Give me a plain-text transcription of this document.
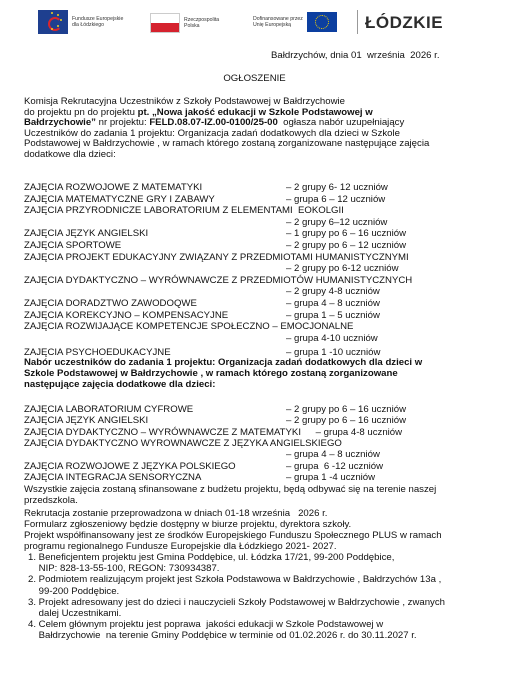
Fundusze Europejskie
dla Łódzkiego
Rzeczpospolita
Polska
Dofinansowane przez
Unię Europejską	ŁÓDZKIE
Bałdrzychów, dnia 01  września  2026 r.
OGŁOSZENIE
Komisja Rekrutacyjna Uczestników z Szkoły Podstawowej w Bałdrzychowie
do projektu pn do projektu pt. „Nowa jakość edukacji w Szkole Podstawowej w
Bałdrzychowie” nr projektu: FELD.08.07-IZ.00-0100/25-00  ogłasza nabór uzupełniający
Uczestników do zadania 1 projektu: Organizacja zadań dodatkowych dla dzieci w Szkole
Podstawowej w Bałdrzychowie , w ramach którego zostaną zorganizowane następujące zajęcia
dodatkowe dla dzieci:
ZAJĘCIA ROZWOJOWE Z MATEMATYKI	– 2 grupy 6- 12 uczniów
ZAJĘCIA MATEMATYCZNE GRY I ZABAWY	– grupa 6 – 12 uczniów
ZAJĘCIA PRZYRODNICZE LABORATORIUM Z ELEMENTAMI  EOKOLGII
– 2 grupy 6–12 uczniów
ZAJĘCIA JĘZYK ANGIELSKI	– 1 grupy po 6 – 16 uczniów
ZAJĘCIA SPORTOWE	– 2 grupy po 6 – 12 uczniów
ZAJĘCIA PROJEKT EDUKACYJNY ZWIĄZANY Z PRZEDMIOTAMI HUMANISTYCZNYMI
– 2 grupy po 6-12 uczniów
ZAJĘCIA DYDAKTYCZNO – WYRÓWNAWCZE Z PRZEDMIOTÓW HUMANISTYCZNYCH
– 2 grupy 4-8 uczniów
ZAJĘCIA DORADZTWO ZAWODOQWE	– grupa 4 – 8 uczniów
ZAJĘCIA KOREKCYJNO – KOMPENSACYJNE	– grupa 1 – 5 uczniów
ZAJĘCIA ROZWIJAJĄCE KOMPETENCJE SPOŁECZNO – EMOCJONALNE
– grupa 4-10 uczniów
ZAJĘCIA PSYCHOEDUKACYJNE	– grupa 1 -10 uczniów
Nabór uczestników do zadania 1 projektu: Organizacja zadań dodatkowych dla dzieci w
Szkole Podstawowej w Bałdrzychowie , w ramach którego zostaną zorganizowane
następujące zajęcia dodatkowe dla dzieci:
ZAJĘCIA LABORATORIUM CYFROWE	– 2 grupy po 6 – 16 uczniów
ZAJĘCIA JĘZYK ANGIELSKI	– 2 grupy po 6 – 16 uczniów
ZAJĘCIA DYDAKTYCZNO – WYRÓWNAWCZE Z MATEMATYKI – grupa 4-8 uczniów
ZAJĘCIA DYDAKTYCZNO WYROWNAWCZE Z JĘZYKA ANGIELSKIEGO
– grupa 4 – 8 uczniów
ZAJĘCIA ROZWOJOWE Z JĘZYKA POLSKIEGO	– grupa  6 -12 uczniów
ZAJĘCIA INTEGRACJA SENSORYCZNA	– grupa 1 -4 uczniów
Wszystkie zajęcia zostaną sfinansowane z budżetu projektu, będą odbywać się na terenie naszej
przedszkola.
Rekrutacja zostanie przeprowadzona w dniach 01-18 września   2026 r.
Formularz zgłoszeniowy będzie dostępny w biurze projektu, dyrektora szkoły.
Projekt współfinansowany jest ze środków Europejskiego Funduszu Społecznego PLUS w ramach
programu regionalnego Fundusze Europejskie dla Łódzkiego 2021- 2027.
1. Beneficjentem projektu jest Gmina Poddębice, ul. Łódzka 17/21, 99-200 Poddębice,
NIP: 828-13-55-100, REGON: 730934387.
2. Podmiotem realizującym projekt jest Szkoła Podstawowa w Bałdrzychowie , Bałdrzychów 13a ,
99-200 Poddębice.
3. Projekt adresowany jest do dzieci i nauczycieli Szkoły Podstawowej w Bałdrzychowie , zwanych
dalej Uczestnikami.
4. Celem głównym projektu jest poprawa  jakości edukacji w Szkole Podstawowej w
Bałdrzychowie  na terenie Gminy Poddębice w terminie od 01.02.2026 r. do 30.11.2027 r.
